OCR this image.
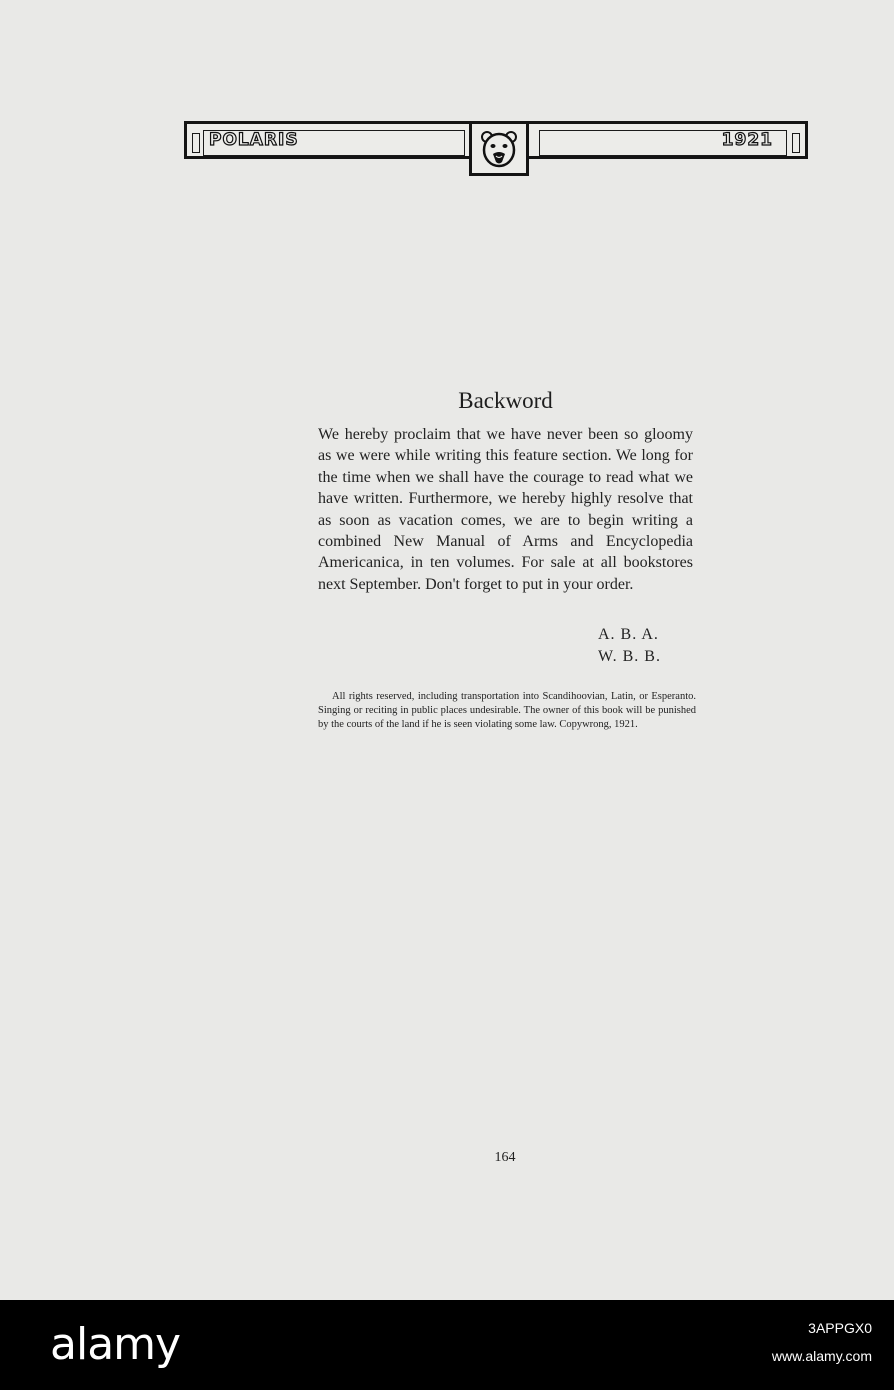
POLARIS	1921
Backword

We hereby proclaim that we have never been so gloomy as we were while writing this feature section. We long for the time when we shall have the courage to read what we have written. Furthermore, we hereby highly resolve that as soon as vacation comes, we are to begin writing a combined New Manual of Arms and Encyclopedia Americanica, in ten volumes. For sale at all bookstores next September. Don't forget to put in your order.

A. B. A.
W. B. B.

All rights reserved, including transportation into Scandihoovian, Latin, or Esperanto. Singing or reciting in public places undesirable. The owner of this book will be punished by the courts of the land if he is seen violating some law. Copywrong, 1921.

164
alamy	3APPGX0
www.alamy.com
